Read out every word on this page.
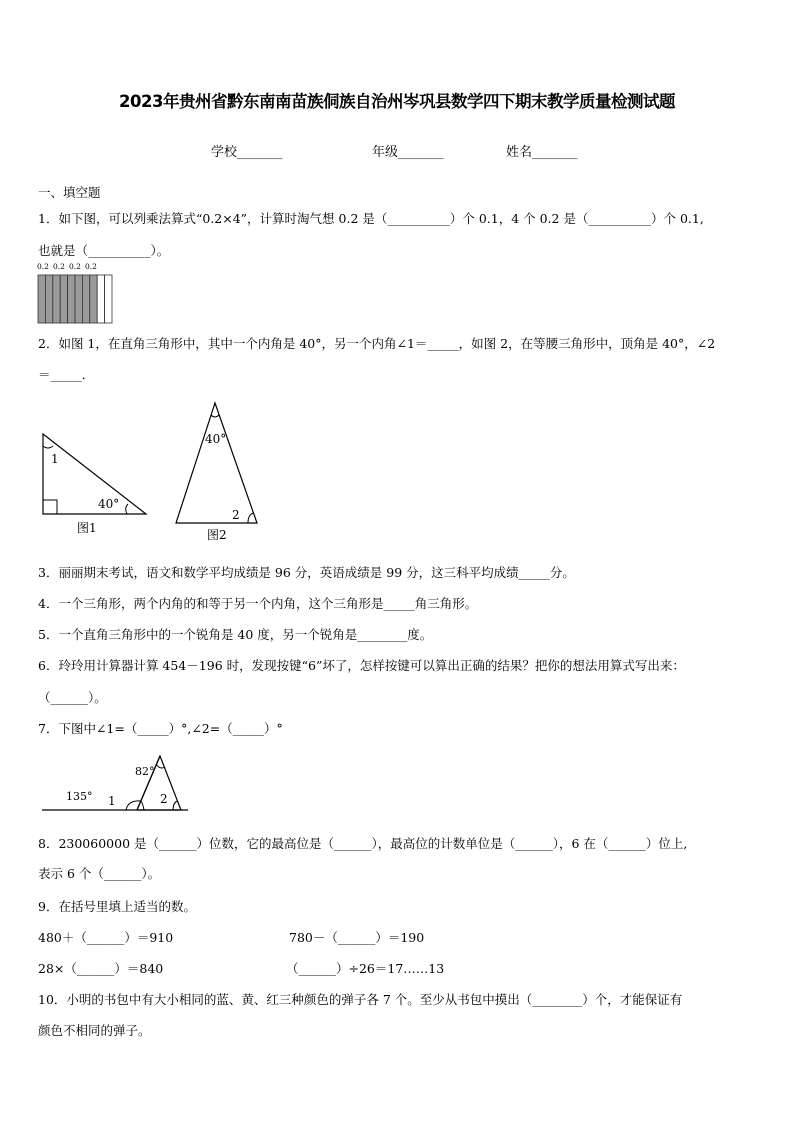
2023年贵州省黔东南南苗族侗族自治州岑巩县数学四下期末教学质量检测试题
学校_______	年级_______	姓名_______
一、填空题
1．如下图，可以列乘法算式“0.2×4”，计算时淘气想 0.2 是（__________）个 0.1，4 个 0.2 是（__________）个 0.1,
也就是（__________）。
0.2 0.2 0.2 0.2
2．如图 1，在直角三角形中，其中一个内角是 40°，另一个内角∠1＝_____，如图 2，在等腰三角形中，顶角是 40°，∠2
＝_____．
1
40°
图1
40°
2
图2
3．丽丽期末考试，语文和数学平均成绩是 96 分，英语成绩是 99 分，这三科平均成绩_____分。
4．一个三角形，两个内角的和等于另一个内角，这个三角形是_____角三角形。
5．一个直角三角形中的一个锐角是 40 度，另一个锐角是________度。
6．玲玲用计算器计算 454－196 时，发现按键“6”坏了，怎样按键可以算出正确的结果？把你的想法用算式写出来：
（______）。
7．下图中∠1=（_____）°,∠2=（_____）°
135°
82°
1	2
8．230060000 是（______）位数，它的最高位是（______），最高位的计数单位是（______），6 在（______）位上,
表示 6 个（______）。
9．在括号里填上适当的数。
480＋（______）＝910	780－（______）＝190
28×（______）＝840	（______）÷26＝17……13
10．小明的书包中有大小相同的蓝、黄、红三种颜色的弹子各 7 个。至少从书包中摸出（________）个，才能保证有
颜色不相同的弹子。
